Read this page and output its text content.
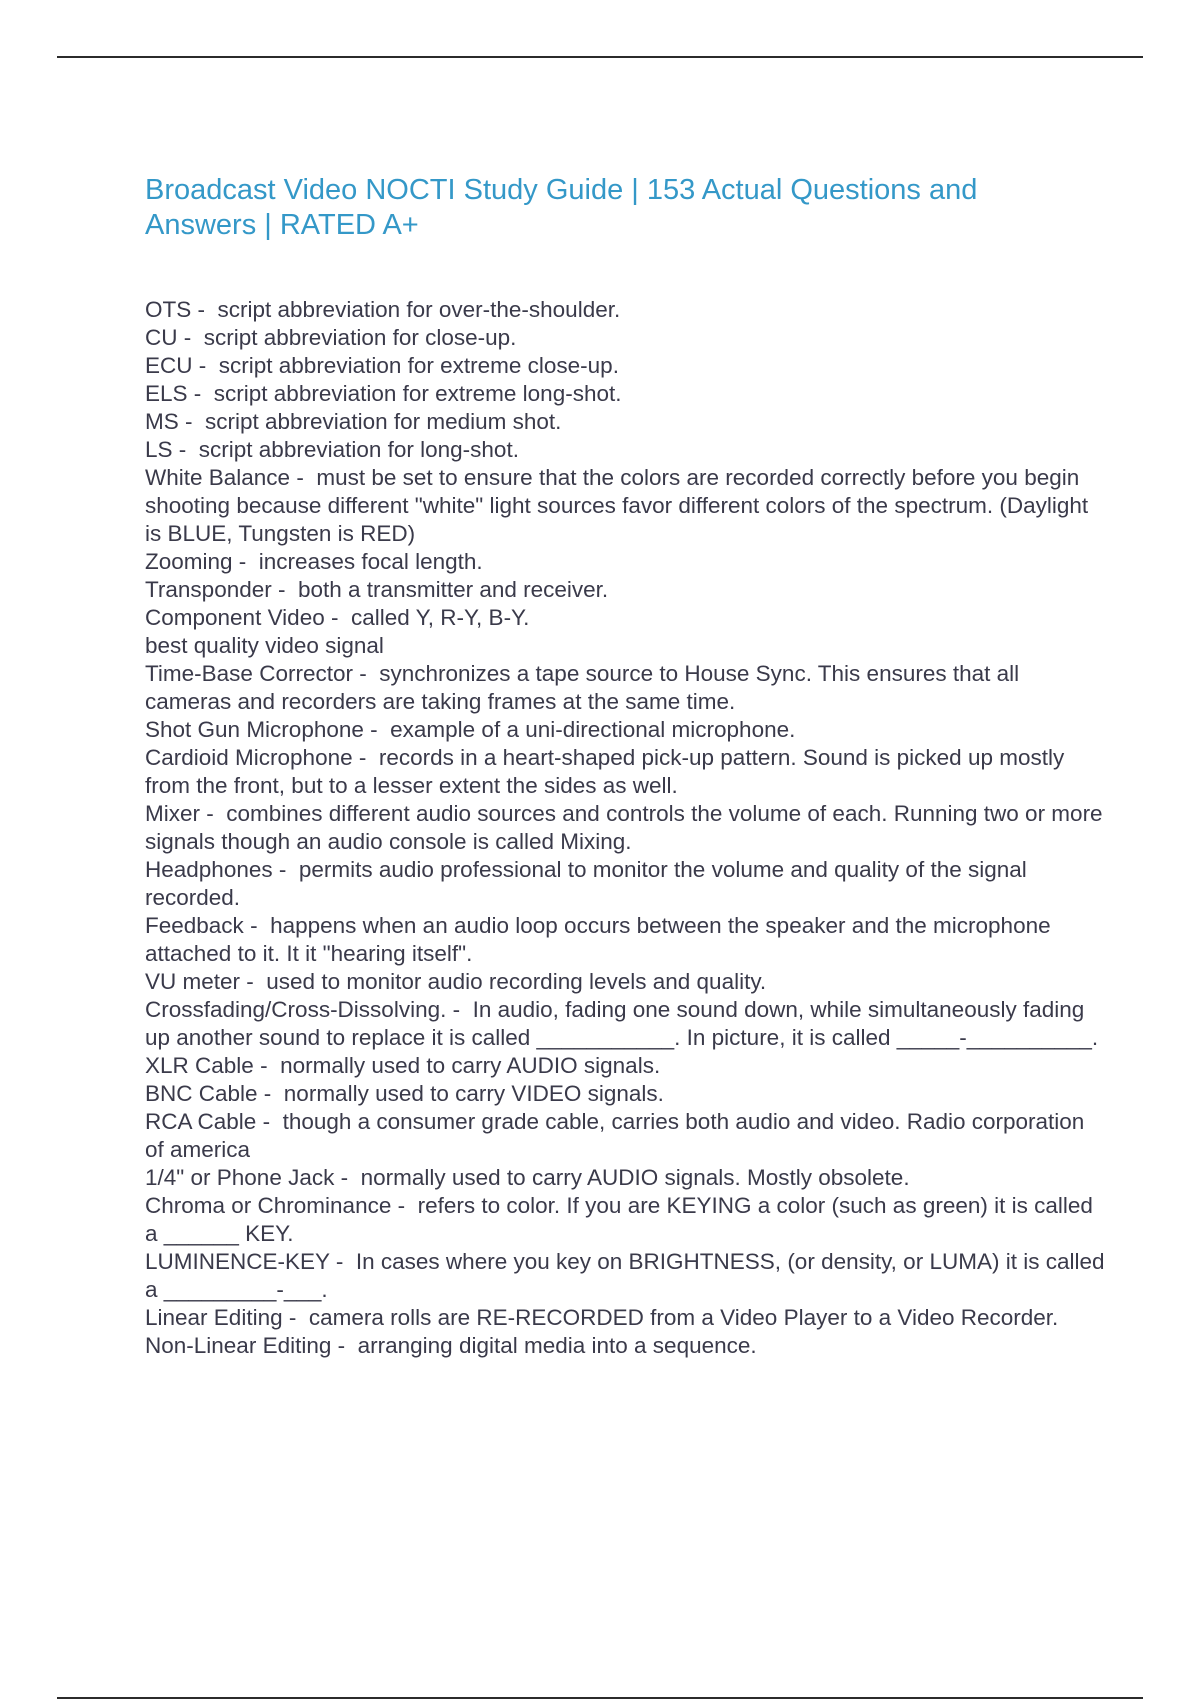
Broadcast Video NOCTI Study Guide | 153 Actual Questions and Answers | RATED A+
OTS -  script abbreviation for over-the-shoulder.
CU -  script abbreviation for close-up.
ECU -  script abbreviation for extreme close-up.
ELS -  script abbreviation for extreme long-shot.
MS -  script abbreviation for medium shot.
LS -  script abbreviation for long-shot.
White Balance -  must be set to ensure that the colors are recorded correctly before you begin shooting because different "white" light sources favor different colors of the spectrum. (Daylight is BLUE, Tungsten is RED)
Zooming -  increases focal length.
Transponder -  both a transmitter and receiver.
Component Video -  called Y, R-Y, B-Y.
best quality video signal
Time-Base Corrector -  synchronizes a tape source to House Sync. This ensures that all cameras and recorders are taking frames at the same time.
Shot Gun Microphone -  example of a uni-directional microphone.
Cardioid Microphone -  records in a heart-shaped pick-up pattern. Sound is picked up mostly from the front, but to a lesser extent the sides as well.
Mixer -  combines different audio sources and controls the volume of each. Running two or more signals though an audio console is called Mixing.
Headphones -  permits audio professional to monitor the volume and quality of the signal recorded.
Feedback -  happens when an audio loop occurs between the speaker and the microphone attached to it. It it "hearing itself".
VU meter -  used to monitor audio recording levels and quality.
Crossfading/Cross-Dissolving. -  In audio, fading one sound down, while simultaneously fading up another sound to replace it is called ___________. In picture, it is called _____-__________.
XLR Cable -  normally used to carry AUDIO signals.
BNC Cable -  normally used to carry VIDEO signals.
RCA Cable -  though a consumer grade cable, carries both audio and video. Radio corporation of america
1/4" or Phone Jack -  normally used to carry AUDIO signals. Mostly obsolete.
Chroma or Chrominance -  refers to color. If you are KEYING a color (such as green) it is called a ______ KEY.
LUMINENCE-KEY -  In cases where you key on BRIGHTNESS, (or density, or LUMA) it is called a _________-___.
Linear Editing -  camera rolls are RE-RECORDED from a Video Player to a Video Recorder.
Non-Linear Editing -  arranging digital media into a sequence.
